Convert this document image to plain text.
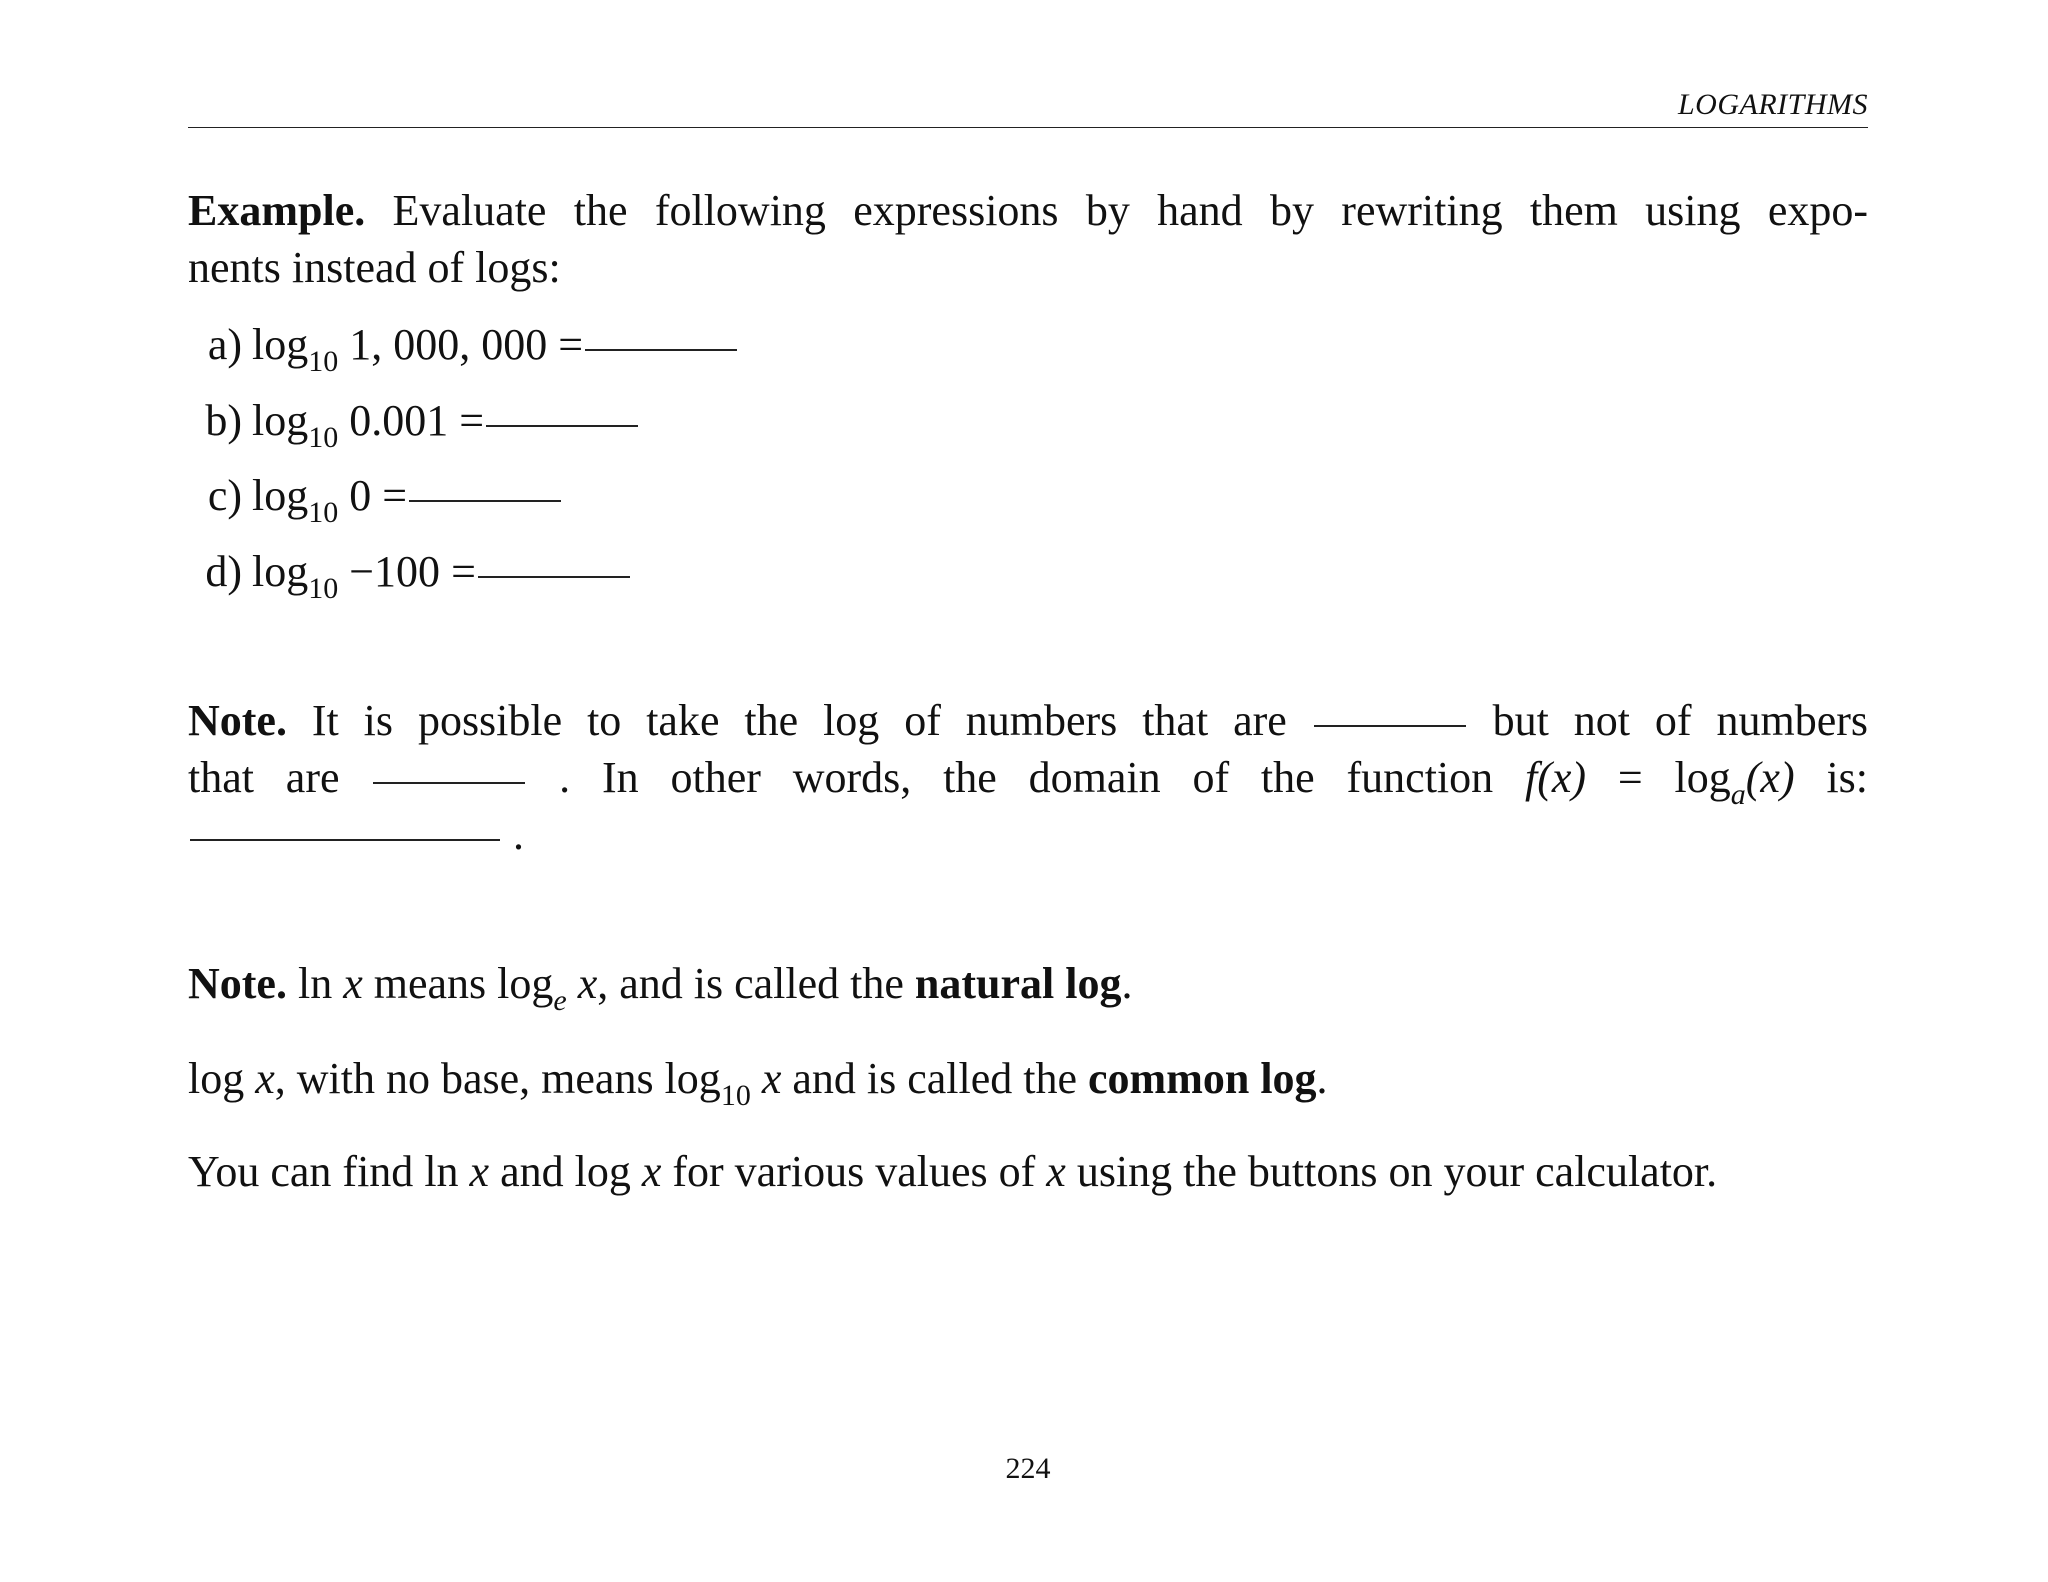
LOGARITHMS
Example. Evaluate the following expressions by hand by rewriting them using expo-
nents instead of logs:
a) $\log_{10} 1$, 000, 000 =
b) $\log_{10} 0.001$ =
c) $\log_{10} 0$ =
d) $\log_{10} -100$ =
Note. It is possible to take the log of numbers that are	but not of numbers
that are	. In other words, the domain of the function $f(x) = \log_a(x)$ is:
.
Note. ln x means $\log_e x$, and is called the natural log.
log x, with no base, means $\log_{10} x$ and is called the common log.
You can find ln x and log x for various values of x using the buttons on your calculator.
224
